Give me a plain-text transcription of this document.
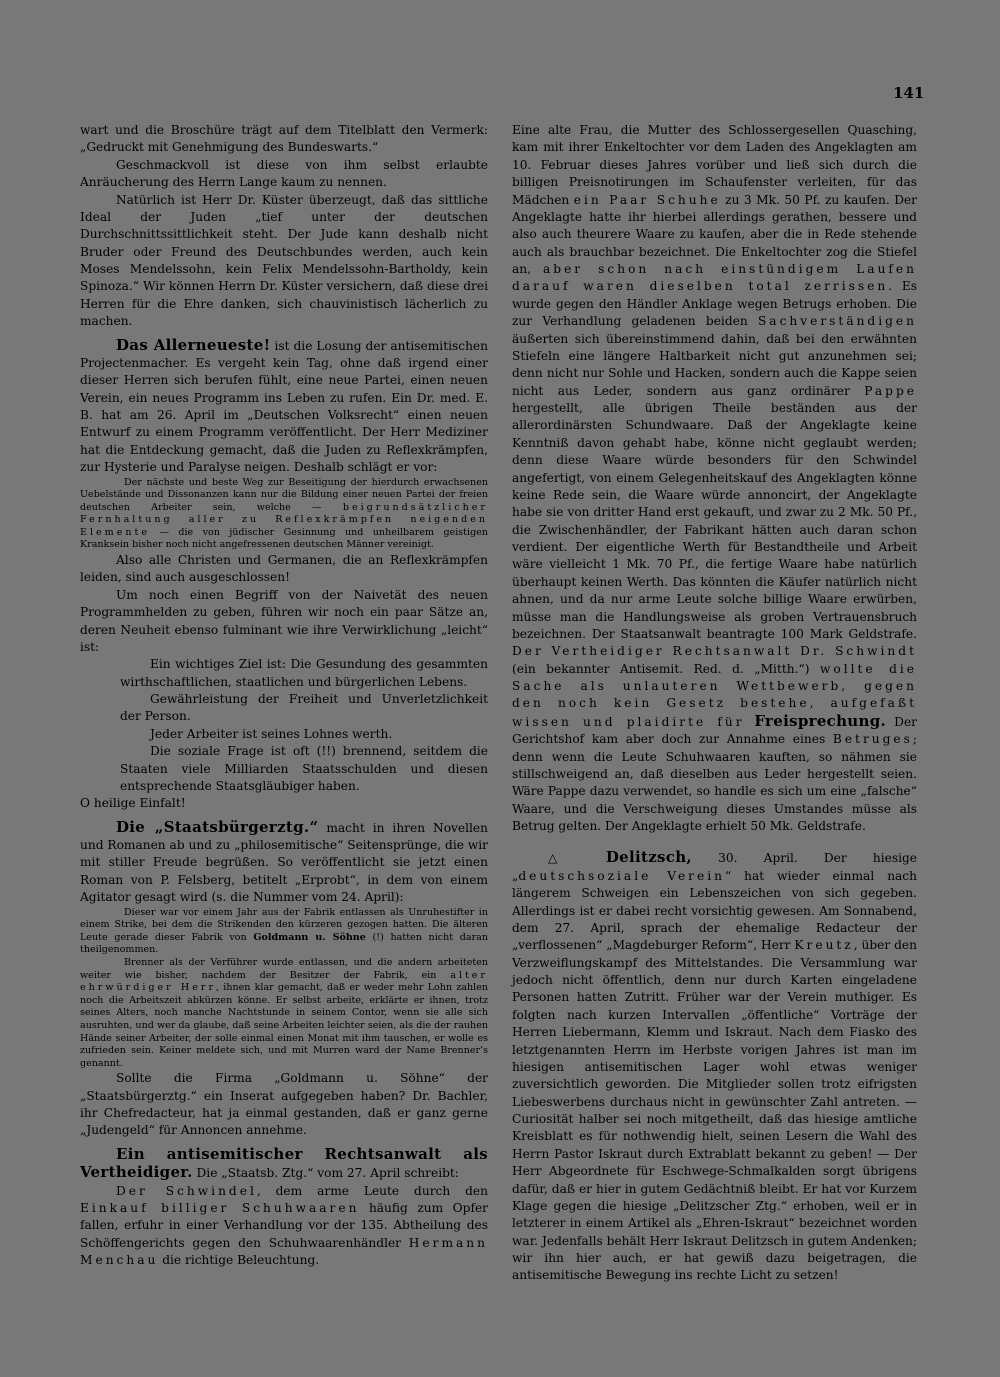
141

wart und die Broschüre trägt auf dem Titelblatt den Vermerk: „Gedruckt mit Genehmigung des Bundeswarts.“

Geschmackvoll ist diese von ihm selbst erlaubte Anräucherung des Herrn Lange kaum zu nennen.

Natürlich ist Herr Dr. Küster überzeugt, daß das sittliche Ideal der Juden „tief unter der deutschen Durchschnittssittlichkeit steht. Der Jude kann deshalb nicht Bruder oder Freund des Deutschbundes werden, auch kein Moses Mendelssohn, kein Felix Mendelssohn-Bartholdy, kein Spinoza.“ Wir können Herrn Dr. Küster versichern, daß diese drei Herren für die Ehre danken, sich chauvinistisch lächerlich zu machen.

Das Allerneueste! ist die Losung der antisemitischen Projectenmacher. Es vergeht kein Tag, ohne daß irgend einer dieser Herren sich berufen fühlt, eine neue Partei, einen neuen Verein, ein neues Programm ins Leben zu rufen. Ein Dr. med. E. B. hat am 26. April im „Deutschen Volksrecht“ einen neuen Entwurf zu einem Programm veröffentlicht. Der Herr Mediziner hat die Entdeckung gemacht, daß die Juden zu Reflexkrämpfen, zur Hysterie und Paralyse neigen. Deshalb schlägt er vor:

Der nächste und beste Weg zur Beseitigung der hierdurch erwachsenen Uebelstände und Dissonanzen kann nur die Bildung einer neuen Partei der freien deutschen Arbeiter sein, welche — beigrundsätzlicher Fernhaltung aller zu Reflexkrämpfen neigenden Elemente — die von jüdischer Gesinnung und unheilbarem geistigen Kranksein bisher noch nicht angefressenen deutschen Männer vereinigt.

Also alle Christen und Germanen, die an Reflexkrämpfen leiden, sind auch ausgeschlossen!

Um noch einen Begriff von der Naivetät des neuen Programmhelden zu geben, führen wir noch ein paar Sätze an, deren Neuheit ebenso fulminant wie ihre Verwirklichung „leicht“ ist:

Ein wichtiges Ziel ist: Die Gesundung des gesammten wirthschaftlichen, staatlichen und bürgerlichen Lebens.

Gewährleistung der Freiheit und Unverletzlichkeit der Person.

Jeder Arbeiter ist seines Lohnes werth.

Die soziale Frage ist oft (!!) brennend, seitdem die Staaten viele Milliarden Staatsschulden und diesen entsprechende Staatsgläubiger haben.

O heilige Einfalt!

Die „Staatsbürgerztg.“ macht in ihren Novellen und Romanen ab und zu „philosemitische“ Seitensprünge, die wir mit stiller Freude begrüßen. So veröffentlicht sie jetzt einen Roman von P. Felsberg, betitelt „Erprobt“, in dem von einem Agitator gesagt wird (s. die Nummer vom 24. April):

Dieser war vor einem Jahr aus der Fabrik entlassen als Unruhestifter in einem Strike, bei dem die Strikenden den kürzeren gezogen hatten. Die älteren Leute gerade dieser Fabrik von Goldmann u. Söhne (!) hatten nicht daran theilgenommen.

Brenner als der Verführer wurde entlassen, und die andern arbeiteten weiter wie bisher, nachdem der Besitzer der Fabrik, ein alter ehrwürdiger Herr, ihnen klar gemacht, daß er weder mehr Lohn zahlen noch die Arbeitszeit abkürzen könne. Er selbst arbeite, erklärte er ihnen, trotz seines Alters, noch manche Nachtstunde in seinem Contor, wenn sie alle sich ausruhten, und wer da glaube, daß seine Arbeiten leichter seien, als die der rauhen Hände seiner Arbeiter, der solle einmal einen Monat mit ihm tauschen, er wolle es zufrieden sein. Keiner meldete sich, und mit Murren ward der Name Brenner’s genannt.

Sollte die Firma „Goldmann u. Söhne“ der „Staatsbürgerztg.“ ein Inserat aufgegeben haben? Dr. Bachler, ihr Chefredacteur, hat ja einmal gestanden, daß er ganz gerne „Judengeld“ für Annoncen annehme.

Ein antisemitischer Rechtsanwalt als Vertheidiger. Die „Staatsb. Ztg.“ vom 27. April schreibt:

Der Schwindel, dem arme Leute durch den Einkauf billiger Schuhwaaren häufig zum Opfer fallen, erfuhr in einer Verhandlung vor der 135. Abtheilung des Schöffengerichts gegen den Schuhwaarenhändler Hermann Menchau die richtige Beleuchtung.

Eine alte Frau, die Mutter des Schlossergesellen Quasching, kam mit ihrer Enkeltochter vor dem Laden des Angeklagten am 10. Februar dieses Jahres vorüber und ließ sich durch die billigen Preisnotirungen im Schaufenster verleiten, für das Mädchen ein Paar Schuhe zu 3 Mk. 50 Pf. zu kaufen. Der Angeklagte hatte ihr hierbei allerdings gerathen, bessere und also auch theurere Waare zu kaufen, aber die in Rede stehende auch als brauchbar bezeichnet. Die Enkeltochter zog die Stiefel an, aber schon nach einstündigem Laufen darauf waren dieselben total zerrissen. Es wurde gegen den Händler Anklage wegen Betrugs erhoben. Die zur Verhandlung geladenen beiden Sachverständigen äußerten sich übereinstimmend dahin, daß bei den erwähnten Stiefeln eine längere Haltbarkeit nicht gut anzunehmen sei; denn nicht nur Sohle und Hacken, sondern auch die Kappe seien nicht aus Leder, sondern aus ganz ordinärer Pappe hergestellt, alle übrigen Theile beständen aus der allerordinärsten Schundwaare. Daß der Angeklagte keine Kenntniß davon gehabt habe, könne nicht geglaubt werden; denn diese Waare würde besonders für den Schwindel angefertigt, von einem Gelegenheitskauf des Angeklagten könne keine Rede sein, die Waare würde annoncirt, der Angeklagte habe sie von dritter Hand erst gekauft, und zwar zu 2 Mk. 50 Pf., die Zwischenhändler, der Fabrikant hätten auch daran schon verdient. Der eigentliche Werth für Bestandtheile und Arbeit wäre vielleicht 1 Mk. 70 Pf., die fertige Waare habe natürlich überhaupt keinen Werth. Das könnten die Käufer natürlich nicht ahnen, und da nur arme Leute solche billige Waare erwürben, müsse man die Handlungsweise als groben Vertrauensbruch bezeichnen. Der Staatsanwalt beantragte 100 Mark Geldstrafe. Der Vertheidiger Rechtsanwalt Dr. Schwindt (ein bekannter Antisemit. Red. d. „Mitth.“) wollte die Sache als unlauteren Wettbewerb, gegen den noch kein Gesetz bestehe, aufgefaßt wissen und plaidirte für Freisprechung. Der Gerichtshof kam aber doch zur Annahme eines Betruges; denn wenn die Leute Schuhwaaren kauften, so nähmen sie stillschweigend an, daß dieselben aus Leder hergestellt seien. Wäre Pappe dazu verwendet, so handle es sich um eine „falsche“ Waare, und die Verschweigung dieses Umstandes müsse als Betrug gelten. Der Angeklagte erhielt 50 Mk. Geldstrafe.

△ Delitzsch, 30. April. Der hiesige „deutschsoziale Verein“ hat wieder einmal nach längerem Schweigen ein Lebenszeichen von sich gegeben. Allerdings ist er dabei recht vorsichtig gewesen. Am Sonnabend, dem 27. April, sprach der ehemalige Redacteur der „verflossenen“ „Magdeburger Reform“, Herr Kreutz, über den Verzweiflungskampf des Mittelstandes. Die Versammlung war jedoch nicht öffentlich, denn nur durch Karten eingeladene Personen hatten Zutritt. Früher war der Verein muthiger. Es folgten nach kurzen Intervallen „öffentliche“ Vorträge der Herren Liebermann, Klemm und Iskraut. Nach dem Fiasko des letztgenannten Herrn im Herbste vorigen Jahres ist man im hiesigen antisemitischen Lager wohl etwas weniger zuversichtlich geworden. Die Mitglieder sollen trotz eifrigsten Liebeswerbens durchaus nicht in gewünschter Zahl antreten. — Curiosität halber sei noch mitgetheilt, daß das hiesige amtliche Kreisblatt es für nothwendig hielt, seinen Lesern die Wahl des Herrn Pastor Iskraut durch Extrablatt bekannt zu geben! — Der Herr Abgeordnete für Eschwege-Schmalkalden sorgt übrigens dafür, daß er hier in gutem Gedächtniß bleibt. Er hat vor Kurzem Klage gegen die hiesige „Delitzscher Ztg.“ erhoben, weil er in letzterer in einem Artikel als „Ehren-Iskraut“ bezeichnet worden war. Jedenfalls behält Herr Iskraut Delitzsch in gutem Andenken; wir ihn hier auch, er hat gewiß dazu beigetragen, die antisemitische Bewegung ins rechte Licht zu setzen!
